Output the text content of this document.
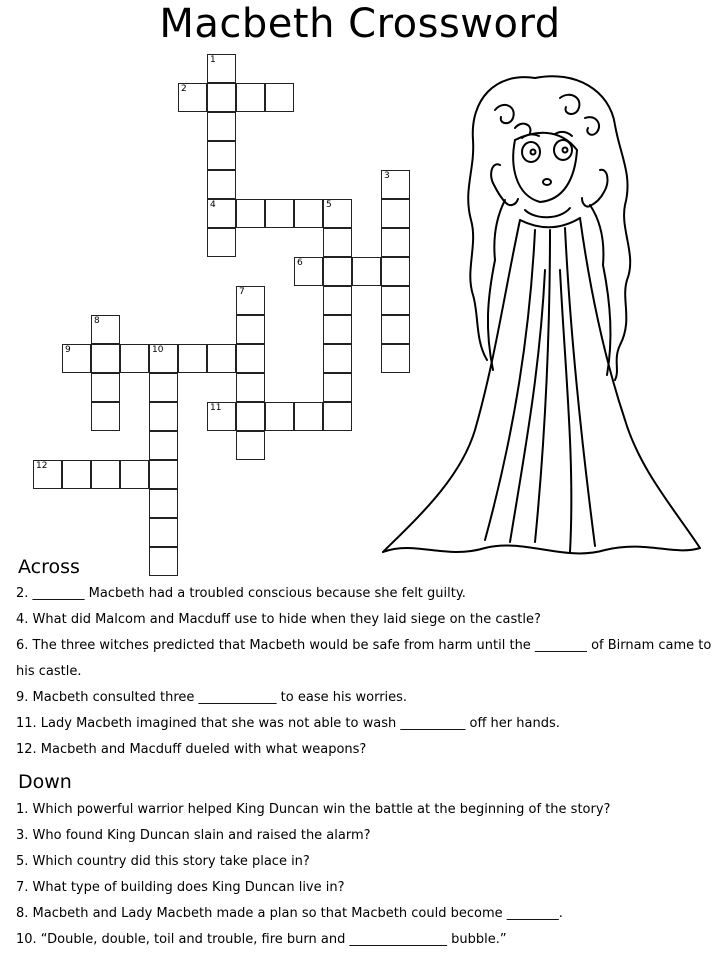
Macbeth Crossword
2
1
4	5
3
6
7
8
9	10
11
12
Across
2. ________ Macbeth had a troubled conscious because she felt guilty.
4. What did Malcom and Macduff use to hide when they laid siege on the castle?
6. The three witches predicted that Macbeth would be safe from harm until the ________ of Birnam came to his castle.
9. Macbeth consulted three ____________ to ease his worries.
11. Lady Macbeth imagined that she was not able to wash __________ off her hands.
12. Macbeth and Macduff dueled with what weapons?
Down
1. Which powerful warrior helped King Duncan win the battle at the beginning of the story?
3. Who found King Duncan slain and raised the alarm?
5. Which country did this story take place in?
7. What type of building does King Duncan live in?
8. Macbeth and Lady Macbeth made a plan so that Macbeth could become ________.
10. “Double, double, toil and trouble, fire burn and _______________ bubble.”
